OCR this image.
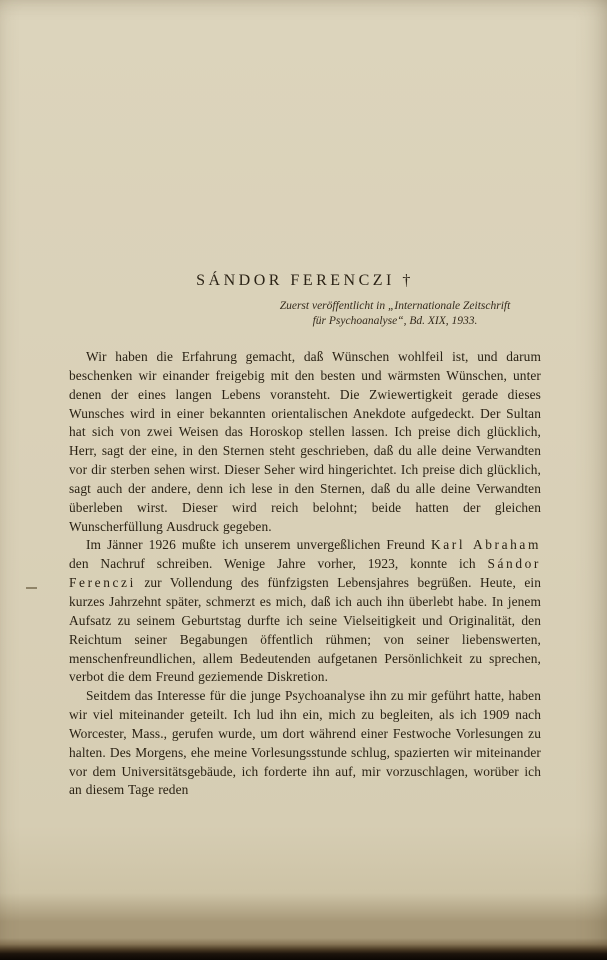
SÁNDOR FERENCZI †
Zuerst veröffentlicht in „Internationale Zeitschrift
für Psychoanalyse“, Bd. XIX, 1933.

Wir haben die Erfahrung gemacht, daß Wünschen wohlfeil ist, und darum beschenken wir einander freigebig mit den besten und wärmsten Wünschen, unter denen der eines langen Lebens voransteht. Die Zwiewertigkeit gerade dieses Wunsches wird in einer bekannten orientalischen Anekdote aufgedeckt. Der Sultan hat sich von zwei Weisen das Horoskop stellen lassen. Ich preise dich glücklich, Herr, sagt der eine, in den Sternen steht geschrieben, daß du alle deine Verwandten vor dir sterben sehen wirst. Dieser Seher wird hingerichtet. Ich preise dich glücklich, sagt auch der andere, denn ich lese in den Sternen, daß du alle deine Verwandten überleben wirst. Dieser wird reich belohnt; beide hatten der gleichen Wunscherfüllung Ausdruck gegeben.

Im Jänner 1926 mußte ich unserem unvergeßlichen Freund Karl Abraham den Nachruf schreiben. Wenige Jahre vorher, 1923, konnte ich Sándor Ferenczi zur Vollendung des fünfzigsten Lebensjahres begrüßen. Heute, ein kurzes Jahrzehnt später, schmerzt es mich, daß ich auch ihn überlebt habe. In jenem Aufsatz zu seinem Geburtstag durfte ich seine Vielseitigkeit und Originalität, den Reichtum seiner Begabungen öffentlich rühmen; von seiner liebenswerten, menschenfreundlichen, allem Bedeutenden aufgetanen Persönlichkeit zu sprechen, verbot die dem Freund geziemende Diskretion.

Seitdem das Interesse für die junge Psychoanalyse ihn zu mir geführt hatte, haben wir viel miteinander geteilt. Ich lud ihn ein, mich zu begleiten, als ich 1909 nach Worcester, Mass., gerufen wurde, um dort während einer Festwoche Vorlesungen zu halten. Des Morgens, ehe meine Vorlesungsstunde schlug, spazierten wir miteinander vor dem Universitätsgebäude, ich forderte ihn auf, mir vorzuschlagen, worüber ich an diesem Tage reden
